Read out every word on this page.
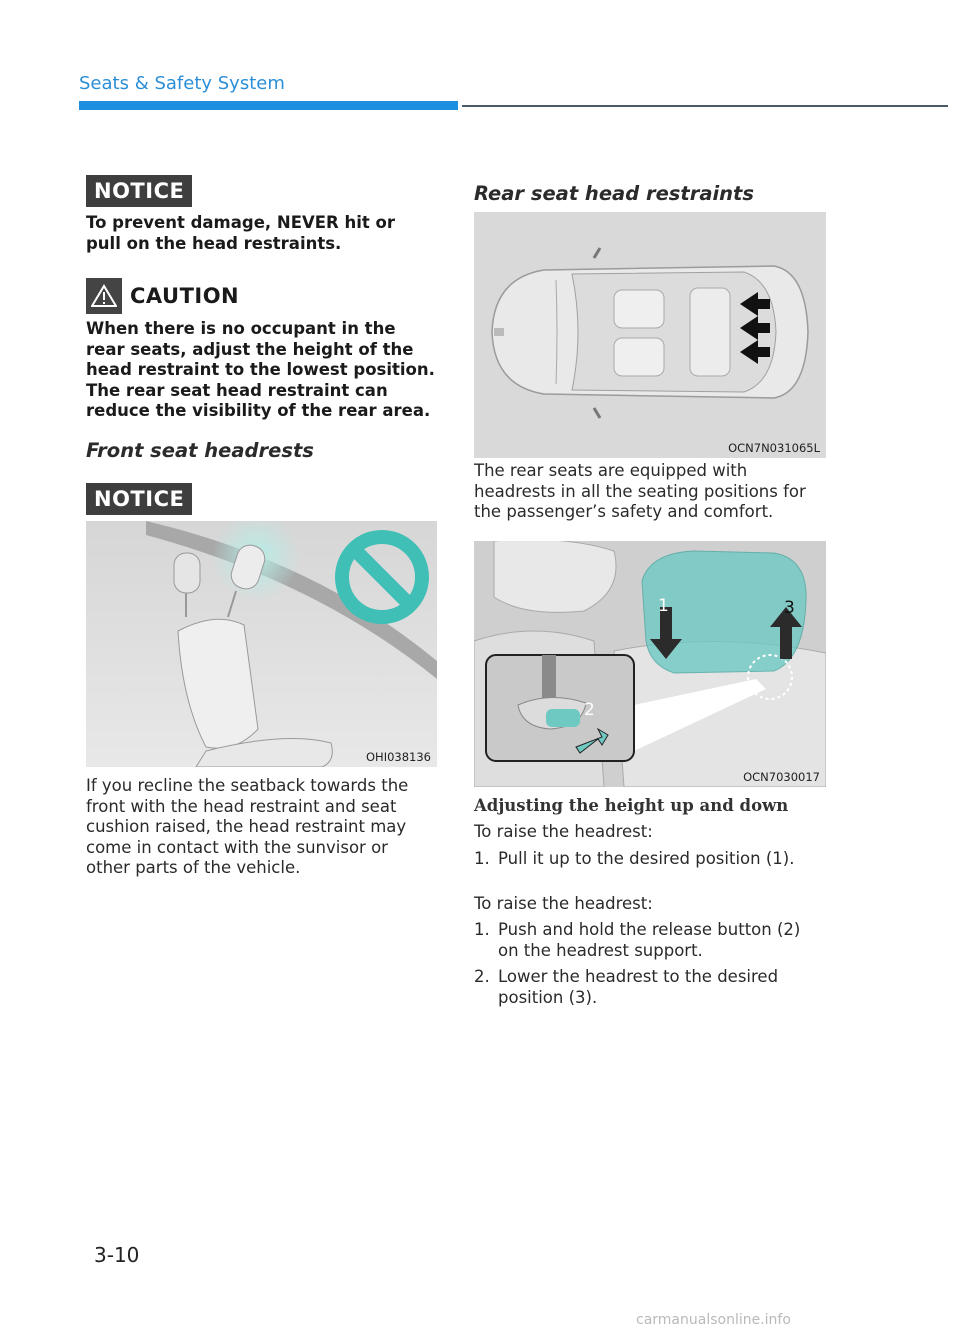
Seats & Safety System
NOTICE
To prevent damage, NEVER hit or pull on the head restraints.
CAUTION
When there is no occupant in the rear seats, adjust the height of the head restraint to the lowest position. The rear seat head restraint can reduce the visibility of the rear area.
Front seat headrests
NOTICE
OHI038136
If you recline the seatback towards the front with the head restraint and seat cushion raised, the head restraint may come in contact with the sunvisor or other parts of the vehicle.
Rear seat head restraints
OCN7N031065L
The rear seats are equipped with headrests in all the seating positions for the passenger’s safety and comfort.
1	3
2
OCN7030017
Adjusting the height up and down
To raise the headrest:
1. Pull it up to the desired position (1).
To raise the headrest:
1. Push and hold the release button (2) on the headrest support.
2. Lower the headrest to the desired position (3).
3-10
carmanualsonline.info
